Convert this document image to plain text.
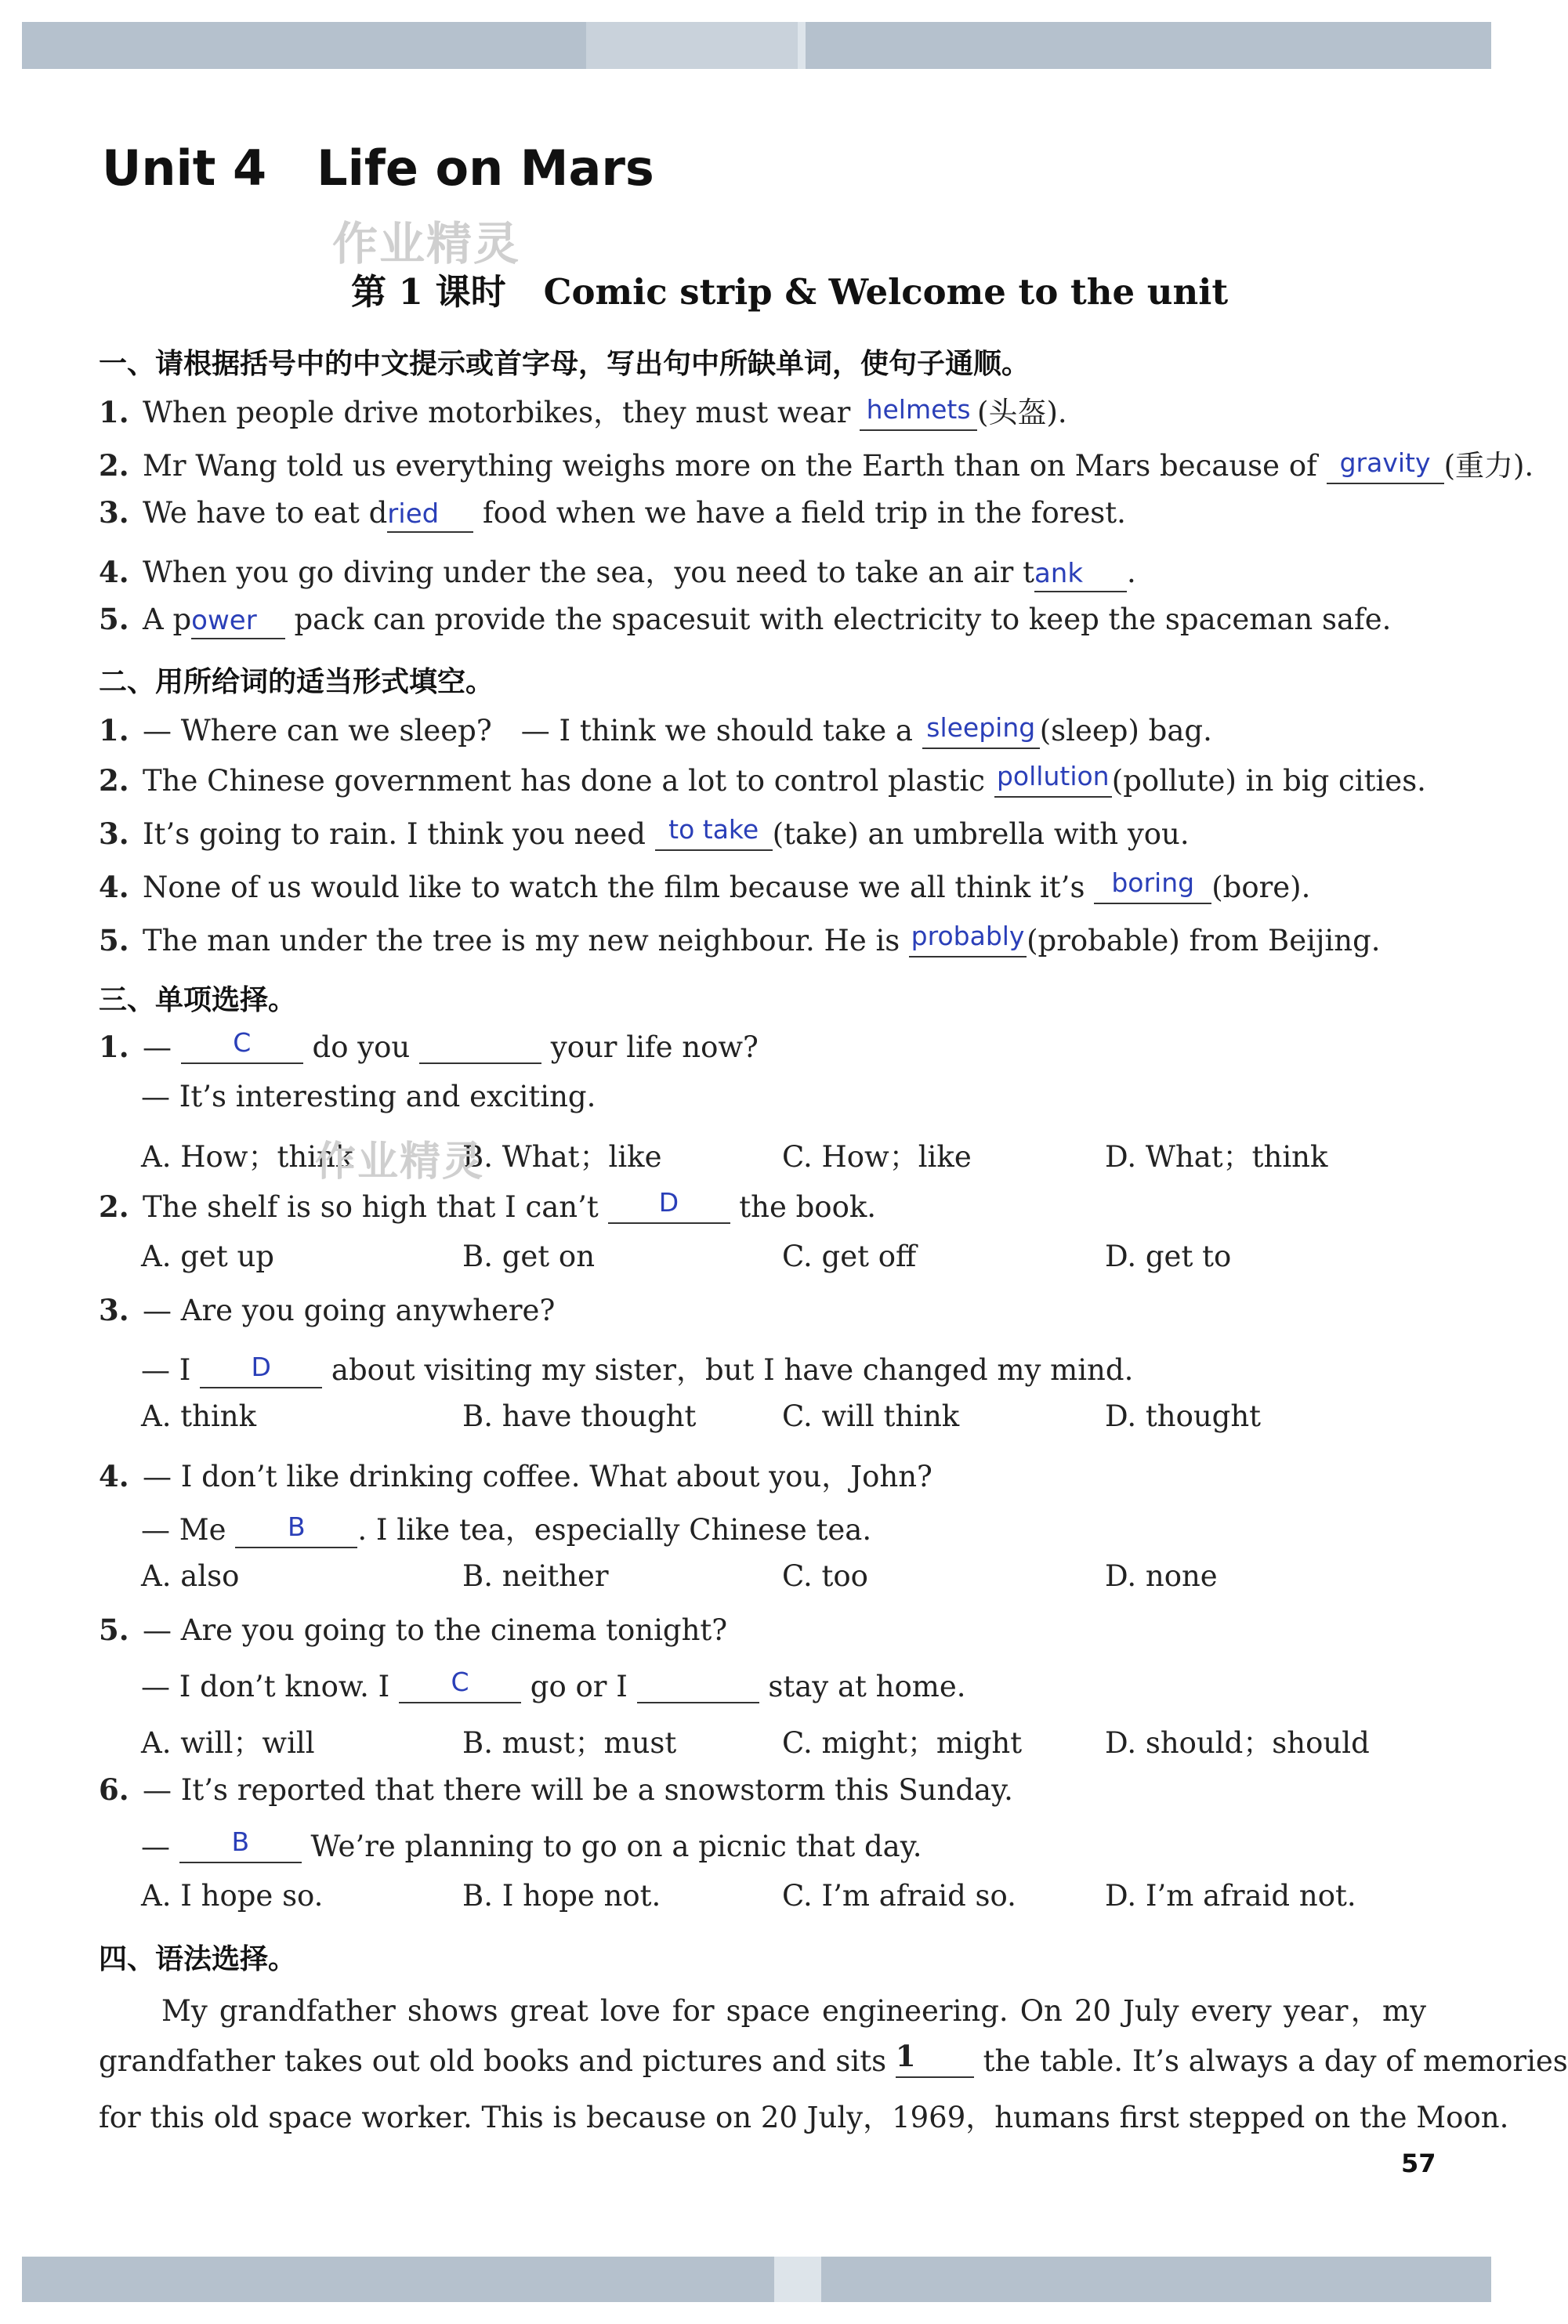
Unit 4 Life on Mars
作业精灵
第 1 课时 Comic strip & Welcome to the unit
一、请根据括号中的中文提示或首字母，写出句中所缺单词，使句子通顺。
1. When people drive motorbikes，they must wear helmets (头盔).
2. Mr Wang told us everything weighs more on the Earth than on Mars because of gravity (重力).
3. We have to eat dried food when we have a field trip in the forest.
4. When you go diving under the sea，you need to take an air tank .
5. A power pack can provide the spacesuit with electricity to keep the spaceman safe.
二、用所给词的适当形式填空。
1. — Where can we sleep?　— I think we should take a sleeping (sleep) bag.
2. The Chinese government has done a lot to control plastic pollution(pollute) in big cities.
3. It’s going to rain. I think you need to take (take) an umbrella with you.
4. None of us would like to watch the film because we all think it’s boring (bore).
5. The man under the tree is my new neighbour. He is probably(probable) from Beijing.
三、单项选择。
1. — C do you	your life now?
— It’s interesting and exciting.
A. How；think	B. What；like	C. How；like	D. What；think
作业精灵
2. The shelf is so high that I can’t D the book.
A. get up	B. get on	C. get off	D. get to
3. — Are you going anywhere?
— I D about visiting my sister，but I have changed my mind.
A. think	B. have thought	C. will think	D. thought
4. — I don’t like drinking coffee. What about you，John?
— Me B . I like tea，especially Chinese tea.
A. also	B. neither	C. too	D. none
5. — Are you going to the cinema tonight?
— I don’t know. I C go or I	stay at home.
A. will；will	B. must；must	C. might；might	D. should；should
6. — It’s reported that there will be a snowstorm this Sunday.
— B We’re planning to go on a picnic that day.
A. I hope so.	B. I hope not.	C. I’m afraid so.	D. I’m afraid not.
四、语法选择。
My grandfather shows great love for space engineering. On 20 July every year，my
grandfather takes out old books and pictures and sits 1 the table. It’s always a day of memories
for this old space worker. This is because on 20 July，1969，humans first stepped on the Moon.
57
